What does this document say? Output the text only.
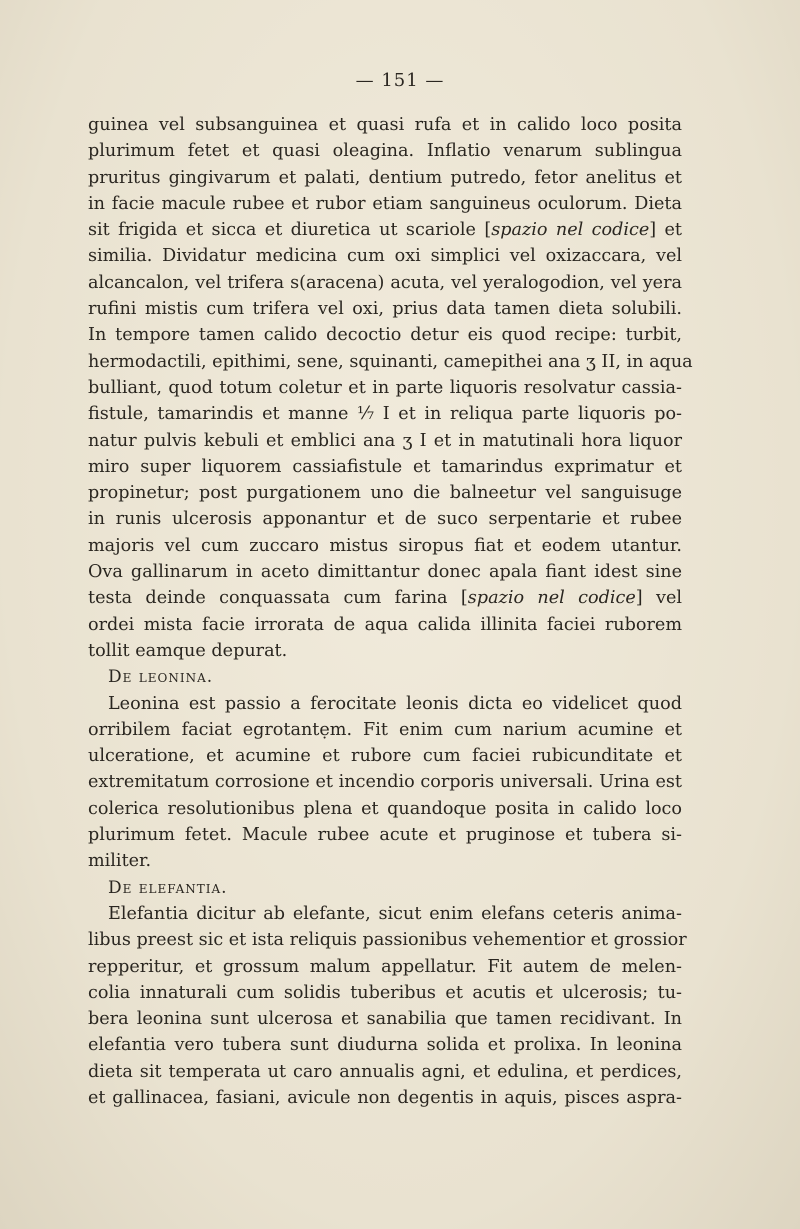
— 151 —
guinea vel subsanguinea et quasi rufa et in calido loco posita
plurimum fetet et quasi oleagina. Inflatio venarum sublingua
pruritus gingivarum et palati, dentium putredo, fetor anelitus et
in facie macule rubee et rubor etiam sanguineus oculorum. Dieta
sit frigida et sicca et diuretica ut scariole [spazio nel codice] et
similia. Dividatur medicina cum oxi simplici vel oxizaccara, vel
alcancalon, vel trifera s(aracena) acuta, vel yeralogodion, vel yera
rufini mistis cum trifera vel oxi, prius data tamen dieta solubili.
In tempore tamen calido decoctio detur eis quod recipe: turbit,
hermodactili, epithimi, sene, squinanti, camepithei ana ʒ II, in aqua
bulliant, quod totum coletur et in parte liquoris resolvatur cassia-
fistule, tamarindis et manne ⅟₇ I et in reliqua parte liquoris po-
natur pulvis kebuli et emblici ana ʒ I et in matutinali hora liquor
miro super liquorem cassiafistule et tamarindus exprimatur et
propinetur; post purgationem uno die balneetur vel sanguisuge
in runis ulcerosis apponantur et de suco serpentarie et rubee
majoris vel cum zuccaro mistus siropus fiat et eodem utantur.
Ova gallinarum in aceto dimittantur donec apala fiant idest sine
testa deinde conquassata cum farina [spazio nel codice] vel
ordei mista facie irrorata de aqua calida illinita faciei ruborem
tollit eamque depurat.
De leonina.
Leonina est passio a ferocitate leonis dicta eo videlicet quod
orribilem faciat egrotantẹm. Fit enim cum narium acumine et
ulceratione, et acumine et rubore cum faciei rubicunditate et
extremitatum corrosione et incendio corporis universali. Urina est
colerica resolutionibus plena et quandoque posita in calido loco
plurimum fetet. Macule rubee acute et pruginose et tubera si-
militer.
De elefantia.
Elefantia dicitur ab elefante, sicut enim elefans ceteris anima-
libus preest sic et ista reliquis passionibus vehementior et grossior
repperitur, et grossum malum appellatur. Fit autem de melen-
colia innaturali cum solidis tuberibus et acutis et ulcerosis; tu-
bera leonina sunt ulcerosa et sanabilia que tamen recidivant. In
elefantia vero tubera sunt diudurna solida et prolixa. In leonina
dieta sit temperata ut caro annualis agni, et edulina, et perdices,
et gallinacea, fasiani, avicule non degentis in aquis, pisces aspra-
